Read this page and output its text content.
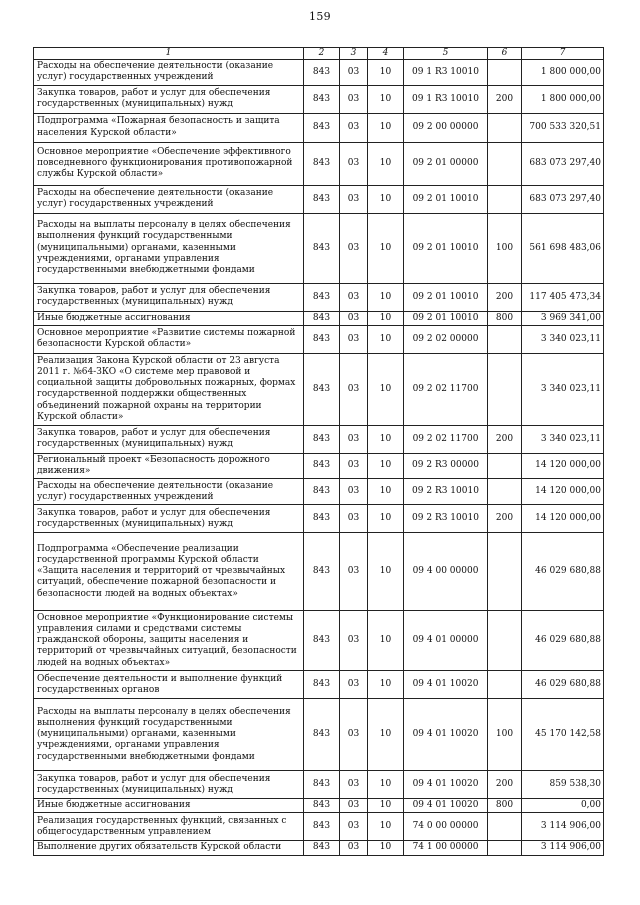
159
1	2	3	4	5	6	7
Расходы на обеспечение деятельности (оказание услуг) государственных учреждений	843	03	10	09 1 R3 10010		1 800 000,00
Закупка товаров, работ и услуг для обеспечения государственных (муниципальных) нужд	843	03	10	09 1 R3 10010	200	1 800 000,00
Подпрограмма «Пожарная безопасность и защита населения Курской области»	843	03	10	09 2 00 00000		700 533 320,51
Основное мероприятие «Обеспечение эффективного повседневного функционирования противопожарной службы Курской области»	843	03	10	09 2 01 00000		683 073 297,40
Расходы на обеспечение деятельности (оказание услуг) государственных учреждений	843	03	10	09 2 01 10010		683 073 297,40
Расходы на выплаты персоналу в целях обеспечения выполнения функций государственными (муниципальными) органами, казенными учреждениями, органами управления государственными внебюджетными фондами	843	03	10	09 2 01 10010	100	561 698 483,06
Закупка товаров, работ и услуг для обеспечения государственных (муниципальных) нужд	843	03	10	09 2 01 10010	200	117 405 473,34
Иные бюджетные ассигнования	843	03	10	09 2 01 10010	800	3 969 341,00
Основное мероприятие «Развитие системы пожарной безопасности Курской области»	843	03	10	09 2 02 00000		3 340 023,11
Реализация Закона Курской области от 23 августа 2011 г. №64-ЗКО «О системе мер правовой и социальной защиты добровольных пожарных, формах государственной поддержки общественных объединений пожарной охраны на территории Курской области»	843	03	10	09 2 02 11700		3 340 023,11
Закупка товаров, работ и услуг для обеспечения государственных (муниципальных) нужд	843	03	10	09 2 02 11700	200	3 340 023,11
Региональный проект «Безопасность дорожного движения»	843	03	10	09 2 R3 00000		14 120 000,00
Расходы на обеспечение деятельности (оказание услуг) государственных учреждений	843	03	10	09 2 R3 10010		14 120 000,00
Закупка товаров, работ и услуг для обеспечения государственных (муниципальных) нужд	843	03	10	09 2 R3 10010	200	14 120 000,00
Подпрограмма «Обеспечение реализации государственной программы Курской области «Защита населения и территорий от чрезвычайных ситуаций, обеспечение пожарной безопасности и безопасности людей на водных объектах»	843	03	10	09 4 00 00000		46 029 680,88
Основное мероприятие «Функционирование системы управления силами и средствами системы гражданской обороны, защиты населения и территорий от чрезвычайных ситуаций, безопасности людей на водных объектах»	843	03	10	09 4 01 00000		46 029 680,88
Обеспечение деятельности и выполнение функций государственных органов	843	03	10	09 4 01 10020		46 029 680,88
Расходы на выплаты персоналу в целях обеспечения выполнения функций государственными (муниципальными) органами, казенными учреждениями, органами управления государственными внебюджетными фондами	843	03	10	09 4 01 10020	100	45 170 142,58
Закупка товаров, работ и услуг для обеспечения государственных (муниципальных) нужд	843	03	10	09 4 01 10020	200	859 538,30
Иные бюджетные ассигнования	843	03	10	09 4 01 10020	800	0,00
Реализация государственных функций, связанных с общегосударственным управлением	843	03	10	74 0 00 00000		3 114 906,00
Выполнение других обязательств Курской области	843	03	10	74 1 00 00000		3 114 906,00
